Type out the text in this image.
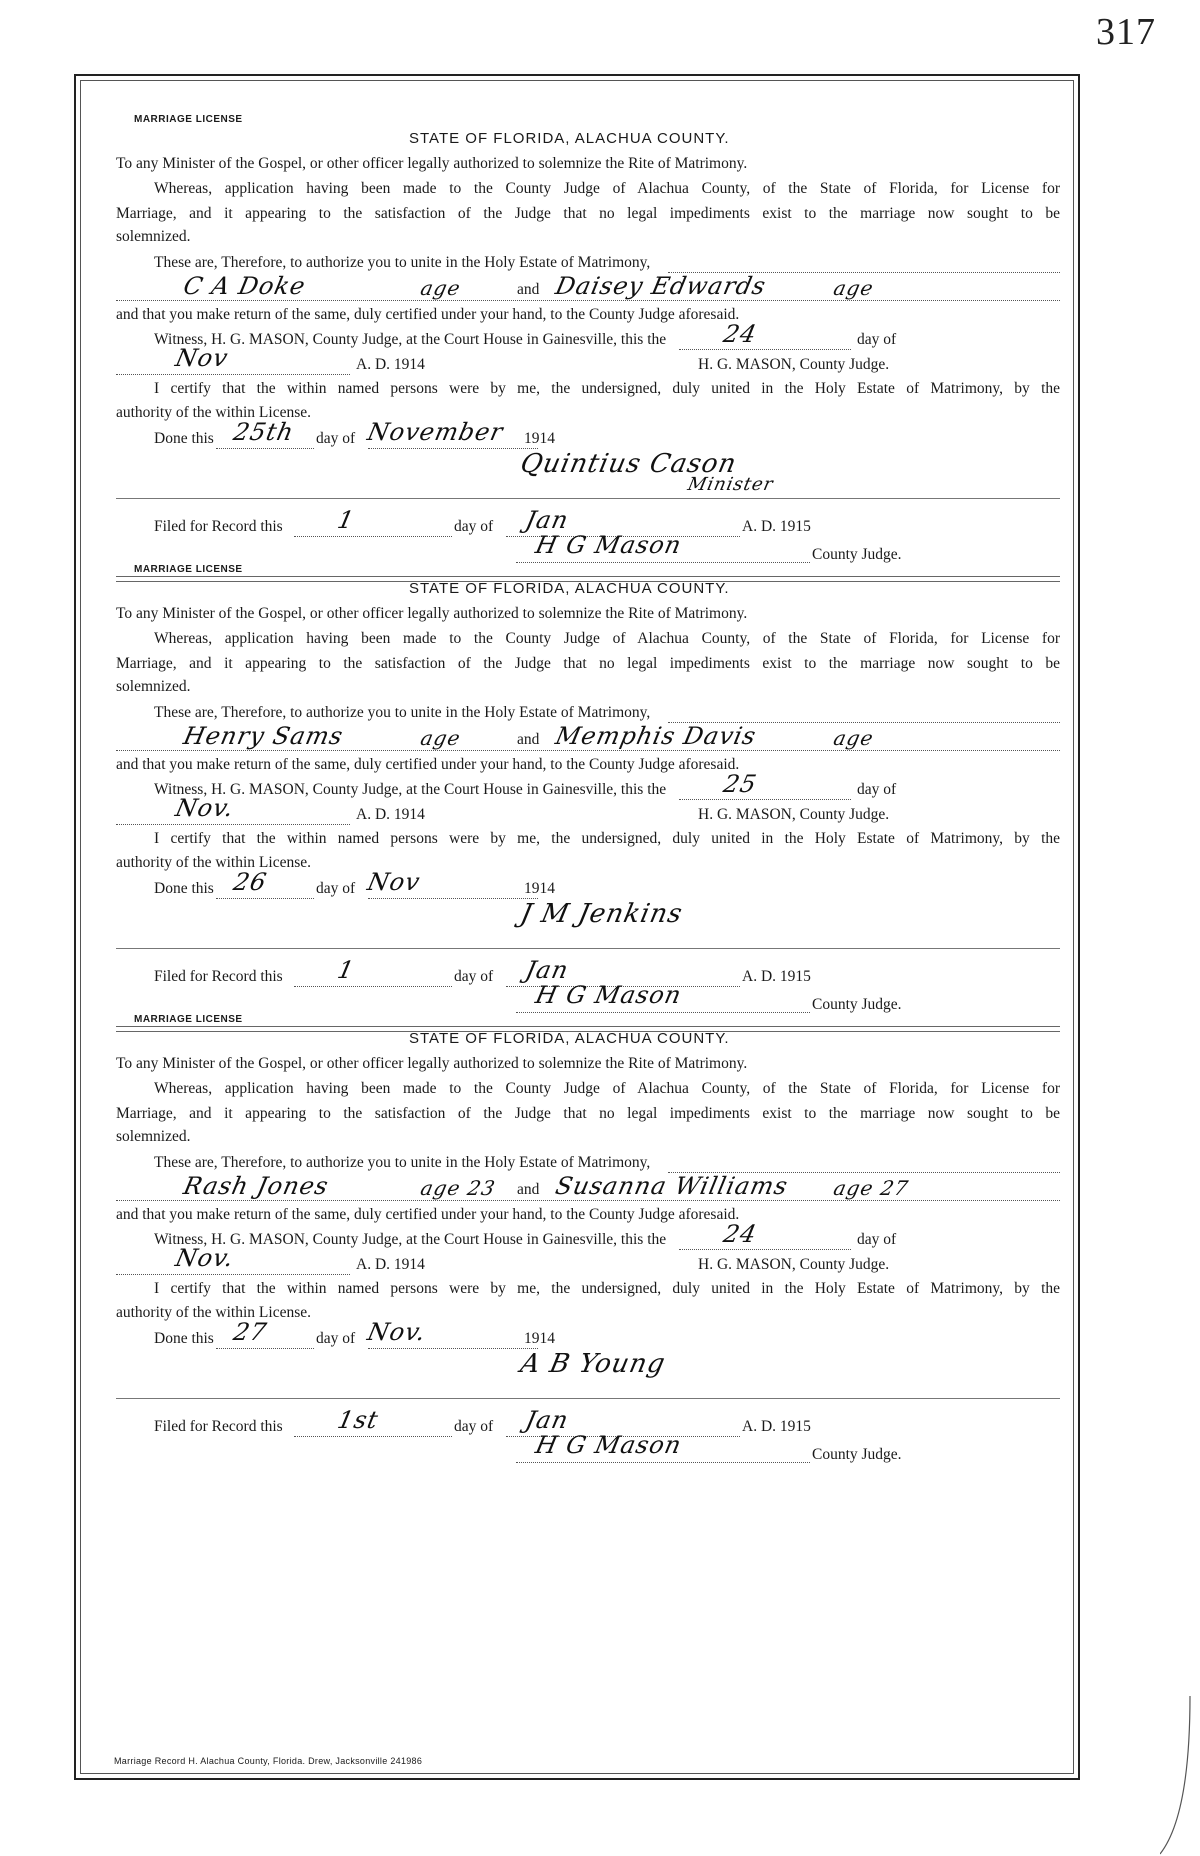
317
MARRIAGE LICENSE
STATE OF FLORIDA, ALACHUA COUNTY.
To any Minister of the Gospel, or other officer legally authorized to solemnize the Rite of Matrimony.
Whereas, application having been made to the County Judge of Alachua County, of the State of Florida, for License for
Marriage, and it appearing to the satisfaction of the Judge that no legal impediments exist to the marriage now sought to be
solemnized.
These are, Therefore, to authorize you to unite in the Holy Estate of Matrimony,
C A Doke	age	and Daisey Edwards	age
and that you make return of the same, duly certified under your hand, to the County Judge aforesaid.
Witness, H. G. MASON, County Judge, at the Court House in Gainesville, this the 24	day of
Nov	A. D. 1914	H. G. MASON, County Judge.
I certify that the within named persons were by me, the undersigned, duly united in the Holy Estate of Matrimony, by the
authority of the within License.
Done this 25th day of November 1914
Quintius Cason
Minister
Filed for Record this 1	day of Jan	A. D. 1915
H G Mason	County Judge.
MARRIAGE LICENSE
STATE OF FLORIDA, ALACHUA COUNTY.
To any Minister of the Gospel, or other officer legally authorized to solemnize the Rite of Matrimony.
Whereas, application having been made to the County Judge of Alachua County, of the State of Florida, for License for
Marriage, and it appearing to the satisfaction of the Judge that no legal impediments exist to the marriage now sought to be
solemnized.
These are, Therefore, to authorize you to unite in the Holy Estate of Matrimony,
Henry Sams	age	and Memphis Davis	age
and that you make return of the same, duly certified under your hand, to the County Judge aforesaid.
Witness, H. G. MASON, County Judge, at the Court House in Gainesville, this the 25	day of
Nov.	A. D. 1914	H. G. MASON, County Judge.
I certify that the within named persons were by me, the undersigned, duly united in the Holy Estate of Matrimony, by the
authority of the within License.
Done this 26	day of Nov	1914
J M Jenkins
Filed for Record this 1	day of Jan	A. D. 1915
H G Mason	County Judge.
MARRIAGE LICENSE
STATE OF FLORIDA, ALACHUA COUNTY.
To any Minister of the Gospel, or other officer legally authorized to solemnize the Rite of Matrimony.
Whereas, application having been made to the County Judge of Alachua County, of the State of Florida, for License for
Marriage, and it appearing to the satisfaction of the Judge that no legal impediments exist to the marriage now sought to be
solemnized.
These are, Therefore, to authorize you to unite in the Holy Estate of Matrimony,
Rash Jones	age 23 and Susanna Williams age 27
and that you make return of the same, duly certified under your hand, to the County Judge aforesaid.
Witness, H. G. MASON, County Judge, at the Court House in Gainesville, this the 24	day of
Nov.	A. D. 1914	H. G. MASON, County Judge.
I certify that the within named persons were by me, the undersigned, duly united in the Holy Estate of Matrimony, by the
authority of the within License.
Done this 27	day of Nov.	1914
A B Young
Filed for Record this 1st	day of Jan	A. D. 1915
H G Mason	County Judge.
Marriage Record H. Alachua County, Florida. Drew, Jacksonville 241986
